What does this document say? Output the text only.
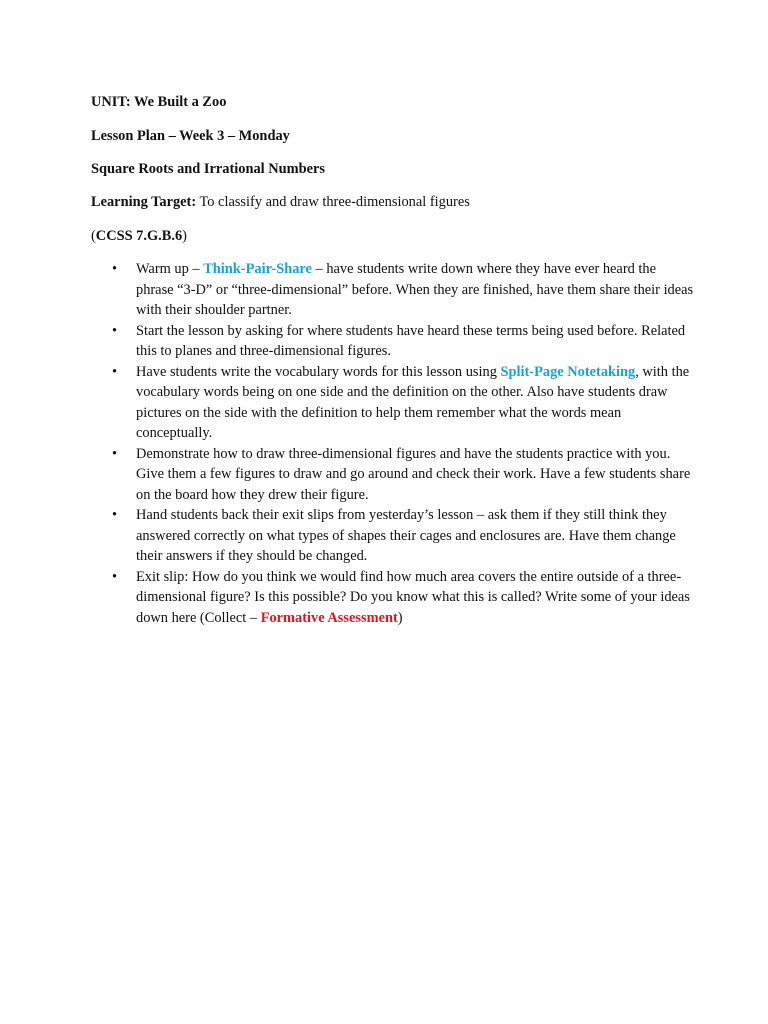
UNIT: We Built a Zoo

Lesson Plan – Week 3 – Monday

Square Roots and Irrational Numbers

Learning Target: To classify and draw three-dimensional figures

(CCSS 7.G.B.6)

• Warm up – Think-Pair-Share – have students write down where they have ever heard the phrase “3-D” or “three-dimensional” before. When they are finished, have them share their ideas with their shoulder partner.
• Start the lesson by asking for where students have heard these terms being used before. Related this to planes and three-dimensional figures.
• Have students write the vocabulary words for this lesson using Split-Page Notetaking, with the vocabulary words being on one side and the definition on the other. Also have students draw pictures on the side with the definition to help them remember what the words mean conceptually.
• Demonstrate how to draw three-dimensional figures and have the students practice with you. Give them a few figures to draw and go around and check their work. Have a few students share on the board how they drew their figure.
• Hand students back their exit slips from yesterday’s lesson – ask them if they still think they answered correctly on what types of shapes their cages and enclosures are. Have them change their answers if they should be changed.
• Exit slip: How do you think we would find how much area covers the entire outside of a three-dimensional figure? Is this possible? Do you know what this is called? Write some of your ideas down here (Collect – Formative Assessment)
